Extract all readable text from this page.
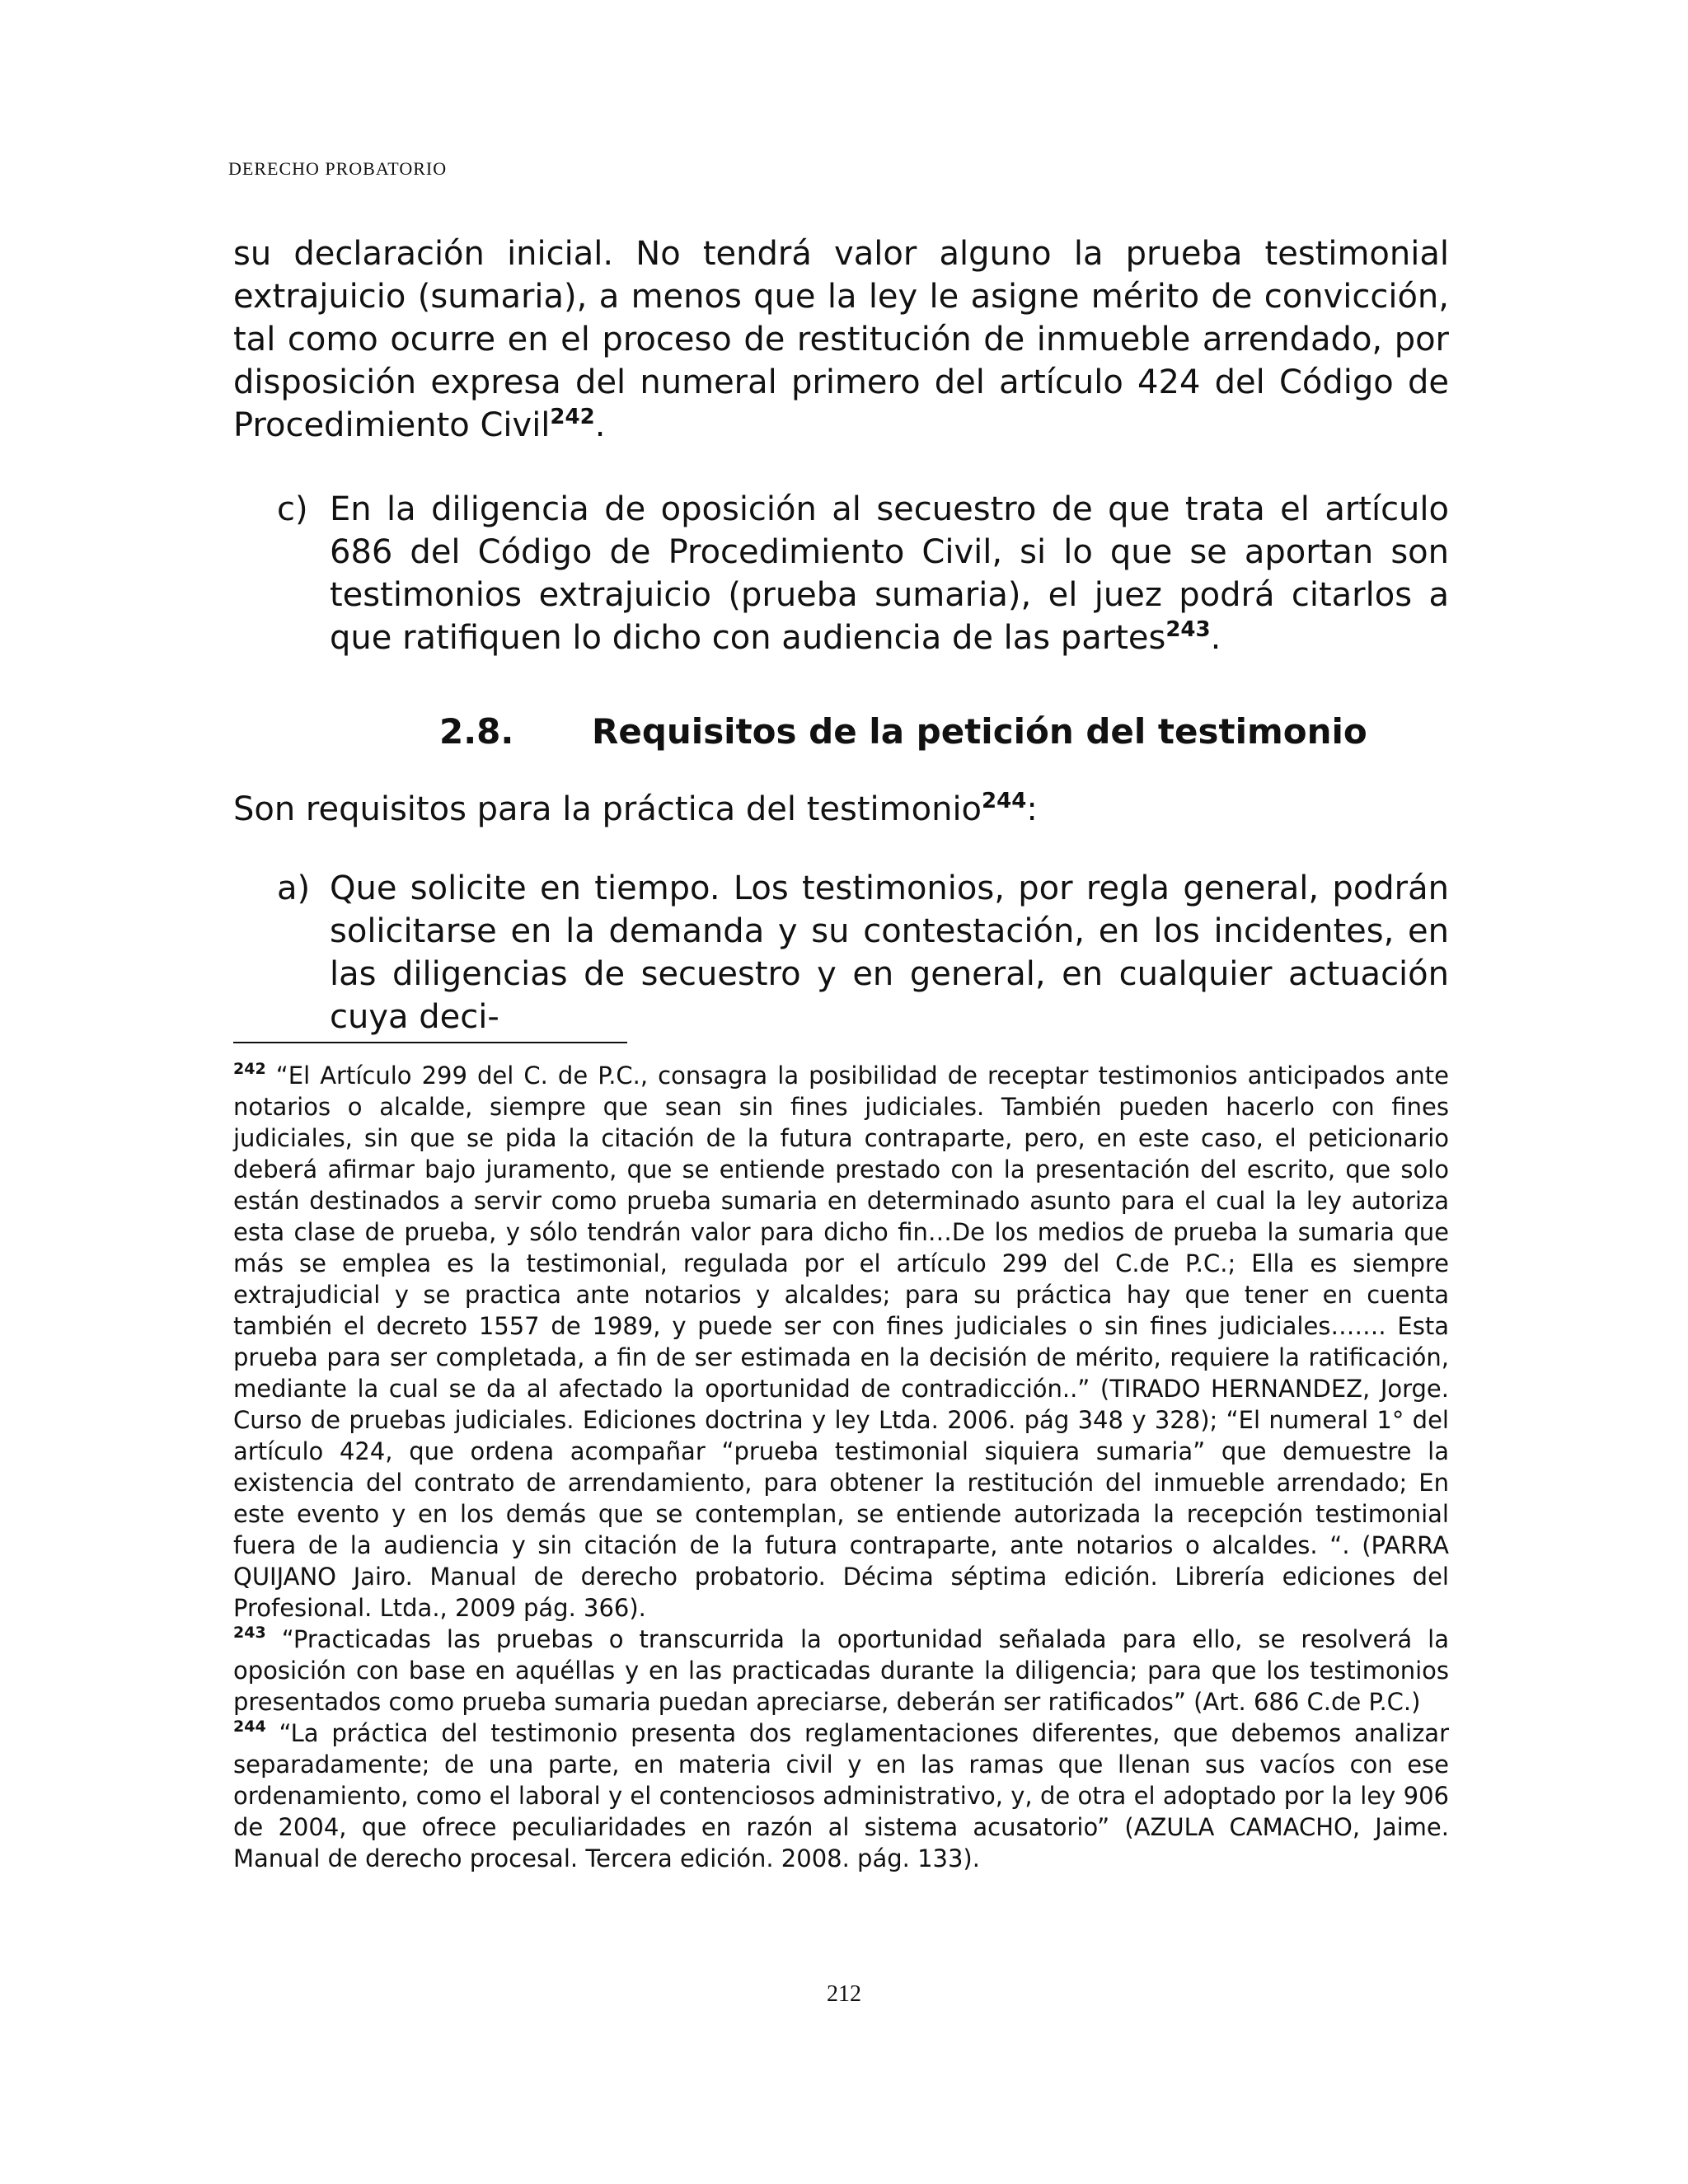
DERECHO PROBATORIO

su declaración inicial. No tendrá valor alguno la prueba testimonial extrajuicio (sumaria), a menos que la ley le asigne mérito de convicción, tal como ocurre en el proceso de restitución de inmueble arrendado, por disposición expresa del numeral primero del artículo 424 del Código de Procedimiento Civil$^{242}$.

c) En la diligencia de oposición al secuestro de que trata el artículo 686 del Código de Procedimiento Civil, si lo que se aportan son testimonios extrajuicio (prueba sumaria), el juez podrá citarlos a que ratifiquen lo dicho con audiencia de las partes$^{243}$.
2.8.	Requisitos de la petición del testimonio
Son requisitos para la práctica del testimonio$^{244}$:
a) Que solicite en tiempo. Los testimonios, por regla general, podrán solicitarse en la demanda y su contestación, en los incidentes, en las diligencias de secuestro y en general, en cualquier actuación cuya deci-

$^{242}$ “El Artículo 299 del C. de P.C., consagra la posibilidad de receptar testimonios anticipados ante notarios o alcalde, siempre que sean sin fines judiciales. También pueden hacerlo con fines judiciales, sin que se pida la citación de la futura contraparte, pero, en este caso, el peticionario deberá afirmar bajo juramento, que se entiende prestado con la presentación del escrito, que solo están destinados a servir como prueba sumaria en determinado asunto para el cual la ley autoriza esta clase de prueba, y sólo tendrán valor para dicho fin…De los medios de prueba la sumaria que más se emplea es la testimonial, regulada por el artículo 299 del C.de P.C.; Ella es siempre extrajudicial y se practica ante notarios y alcaldes; para su práctica hay que tener en cuenta también el decreto 1557 de 1989, y puede ser con fines judiciales o sin fines judiciales……. Esta prueba para ser completada, a fin de ser estimada en la decisión de mérito, requiere la ratificación, mediante la cual se da al afectado la oportunidad de contradicción..” (TIRADO HERNANDEZ, Jorge. Curso de pruebas judiciales. Ediciones doctrina y ley Ltda. 2006. pág 348 y 328); “El numeral 1° del artículo 424, que ordena acompañar “prueba testimonial siquiera sumaria” que demuestre la existencia del contrato de arrendamiento, para obtener la restitución del inmueble arrendado; En este evento y en los demás que se contemplan, se entiende autorizada la recepción testimonial fuera de la audiencia y sin citación de la futura contraparte, ante notarios o alcaldes. “. (PARRA QUIJANO Jairo. Manual de derecho probatorio. Décima séptima edición. Librería ediciones del Profesional. Ltda., 2009 pág. 366).

$^{243}$ “Practicadas las pruebas o transcurrida la oportunidad señalada para ello, se resolverá la oposición con base en aquéllas y en las practicadas durante la diligencia; para que los testimonios presentados como prueba sumaria puedan apreciarse, deberán ser ratificados” (Art. 686 C.de P.C.)

$^{244}$ “La práctica del testimonio presenta dos reglamentaciones diferentes, que debemos analizar separadamente; de una parte, en materia civil y en las ramas que llenan sus vacíos con ese ordenamiento, como el laboral y el contenciosos administrativo, y, de otra el adoptado por la ley 906 de 2004, que ofrece peculiaridades en razón al sistema acusatorio” (AZULA CAMACHO, Jaime. Manual de derecho procesal. Tercera edición. 2008. pág. 133).

212
